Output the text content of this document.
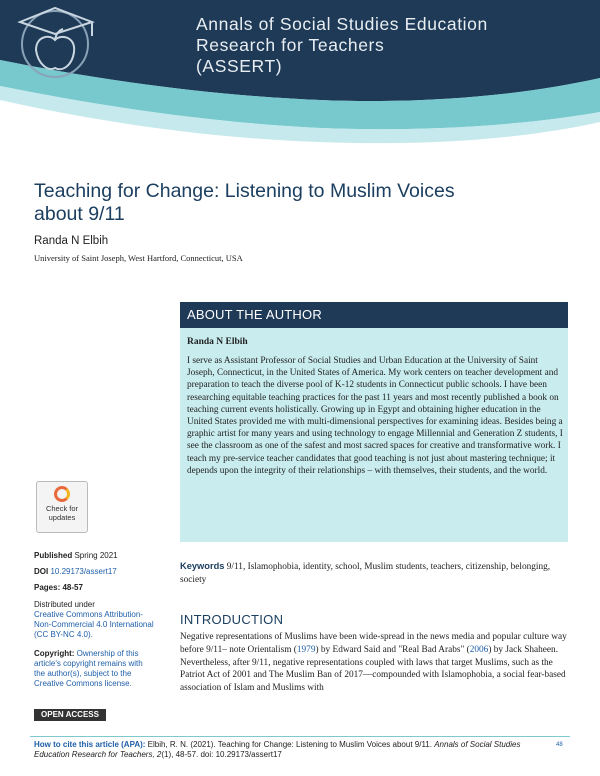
Annals of Social Studies Education
Research for Teachers
(ASSERT)
Teaching for Change: Listening to Muslim Voices
about 9/11
Randa N Elbih
University of Saint Joseph, West Hartford, Connecticut, USA
ABOUT THE AUTHOR
Randa N Elbih
I serve as Assistant Professor of Social Studies and Urban Education at the University of Saint Joseph, Connecticut, in the United States of America. My work centers on teacher development and preparation to teach the diverse pool of K-12 students in Connecticut public schools. I have been researching equitable teaching practices for the past 11 years and most recently published a book on teaching current events holistically. Growing up in Egypt and obtaining higher education in the United States provided me with multi-dimensional perspectives for examining ideas. Besides being a graphic artist for many years and using technology to engage Millennial and Generation Z students, I see the classroom as one of the safest and most sacred spaces for creative and transformative work. I teach my pre-service teacher candidates that good teaching is not just about mastering technique; it depends upon the integrity of their relationships – with themselves, their students, and the world.
Check for
updates
Published Spring 2021
DOI 10.29173/assert17
Pages: 48-57
Distributed under
Creative Commons Attribution-Non-Commercial 4.0 International (CC BY-NC 4.0).
Copyright: Ownership of this article's copyright remains with the author(s), subject to the Creative Commons license.
OPEN ACCESS
Keywords 9/11, Islamophobia, identity, school, Muslim students, teachers, citizenship, belonging, society
INTRODUCTION
Negative representations of Muslims have been wide-spread in the news media and popular culture way before 9/11– note Orientalism (1979) by Edward Said and "Real Bad Arabs" (2006) by Jack Shaheen. Nevertheless, after 9/11, negative representations coupled with laws that target Muslims, such as the Patriot Act of 2001 and The Muslim Ban of 2017—compounded with Islamophobia, a social fear-based association of Islam and Muslims with
How to cite this article (APA): Elbih, R. N. (2021). Teaching for Change: Listening to Muslim Voices about 9/11. Annals of Social Studies Education Research for Teachers, 2(1), 48-57. doi: 10.29173/assert17
48
